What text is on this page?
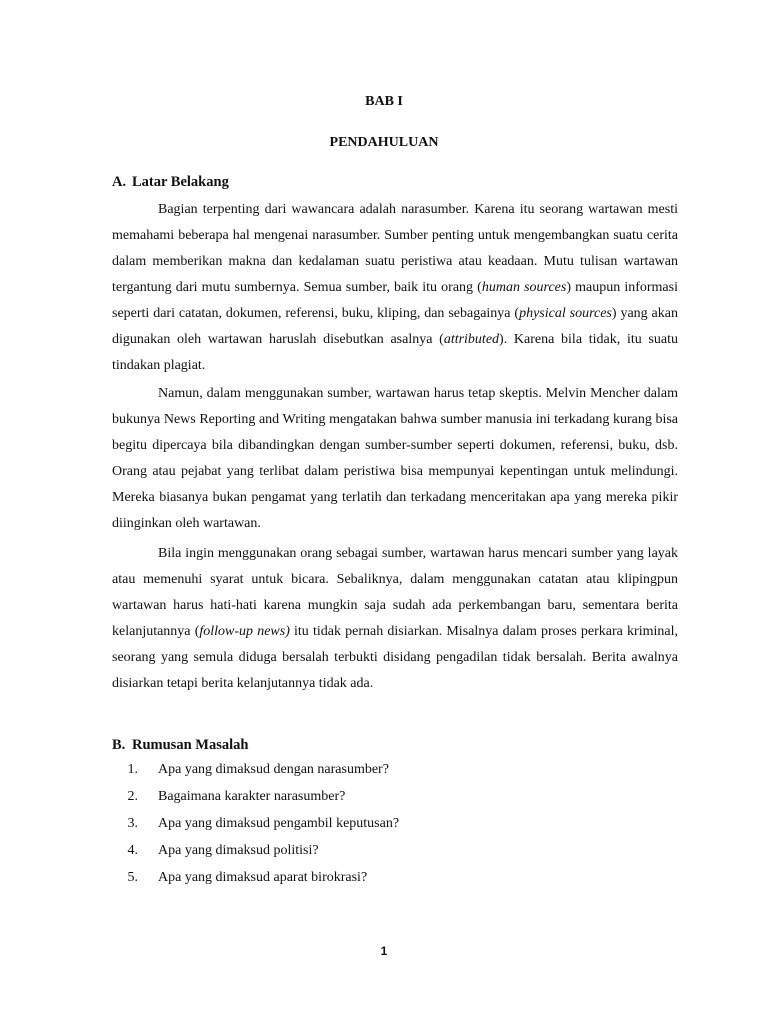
BAB I
PENDAHULUAN
A. Latar Belakang

Bagian terpenting dari wawancara adalah narasumber. Karena itu seorang wartawan mesti memahami beberapa hal mengenai narasumber. Sumber penting untuk mengembangkan suatu cerita dalam memberikan makna dan kedalaman suatu peristiwa atau keadaan. Mutu tulisan wartawan tergantung dari mutu sumbernya. Semua sumber, baik itu orang (human sources) maupun informasi seperti dari catatan, dokumen, referensi, buku, kliping, dan sebagainya (physical sources) yang akan digunakan oleh wartawan haruslah disebutkan asalnya (attributed). Karena bila tidak, itu suatu tindakan plagiat.

Namun, dalam menggunakan sumber, wartawan harus tetap skeptis. Melvin Mencher dalam bukunya News Reporting and Writing mengatakan bahwa sumber manusia ini terkadang kurang bisa begitu dipercaya bila dibandingkan dengan sumber-sumber seperti dokumen, referensi, buku, dsb. Orang atau pejabat yang terlibat dalam peristiwa bisa mempunyai kepentingan untuk melindungi. Mereka biasanya bukan pengamat yang terlatih dan terkadang menceritakan apa yang mereka pikir diinginkan oleh wartawan.

Bila ingin menggunakan orang sebagai sumber, wartawan harus mencari sumber yang layak atau memenuhi syarat untuk bicara. Sebaliknya, dalam menggunakan catatan atau klipingpun wartawan harus hati-hati karena mungkin saja sudah ada perkembangan baru, sementara berita kelanjutannya (follow-up news) itu tidak pernah disiarkan. Misalnya dalam proses perkara kriminal, seorang yang semula diduga bersalah terbukti disidang pengadilan tidak bersalah. Berita awalnya disiarkan tetapi berita kelanjutannya tidak ada.

B. Rumusan Masalah
1. Apa yang dimaksud dengan narasumber?
2. Bagaimana karakter narasumber?
3. Apa yang dimaksud pengambil keputusan?
4. Apa yang dimaksud politisi?
5. Apa yang dimaksud aparat birokrasi?
1
